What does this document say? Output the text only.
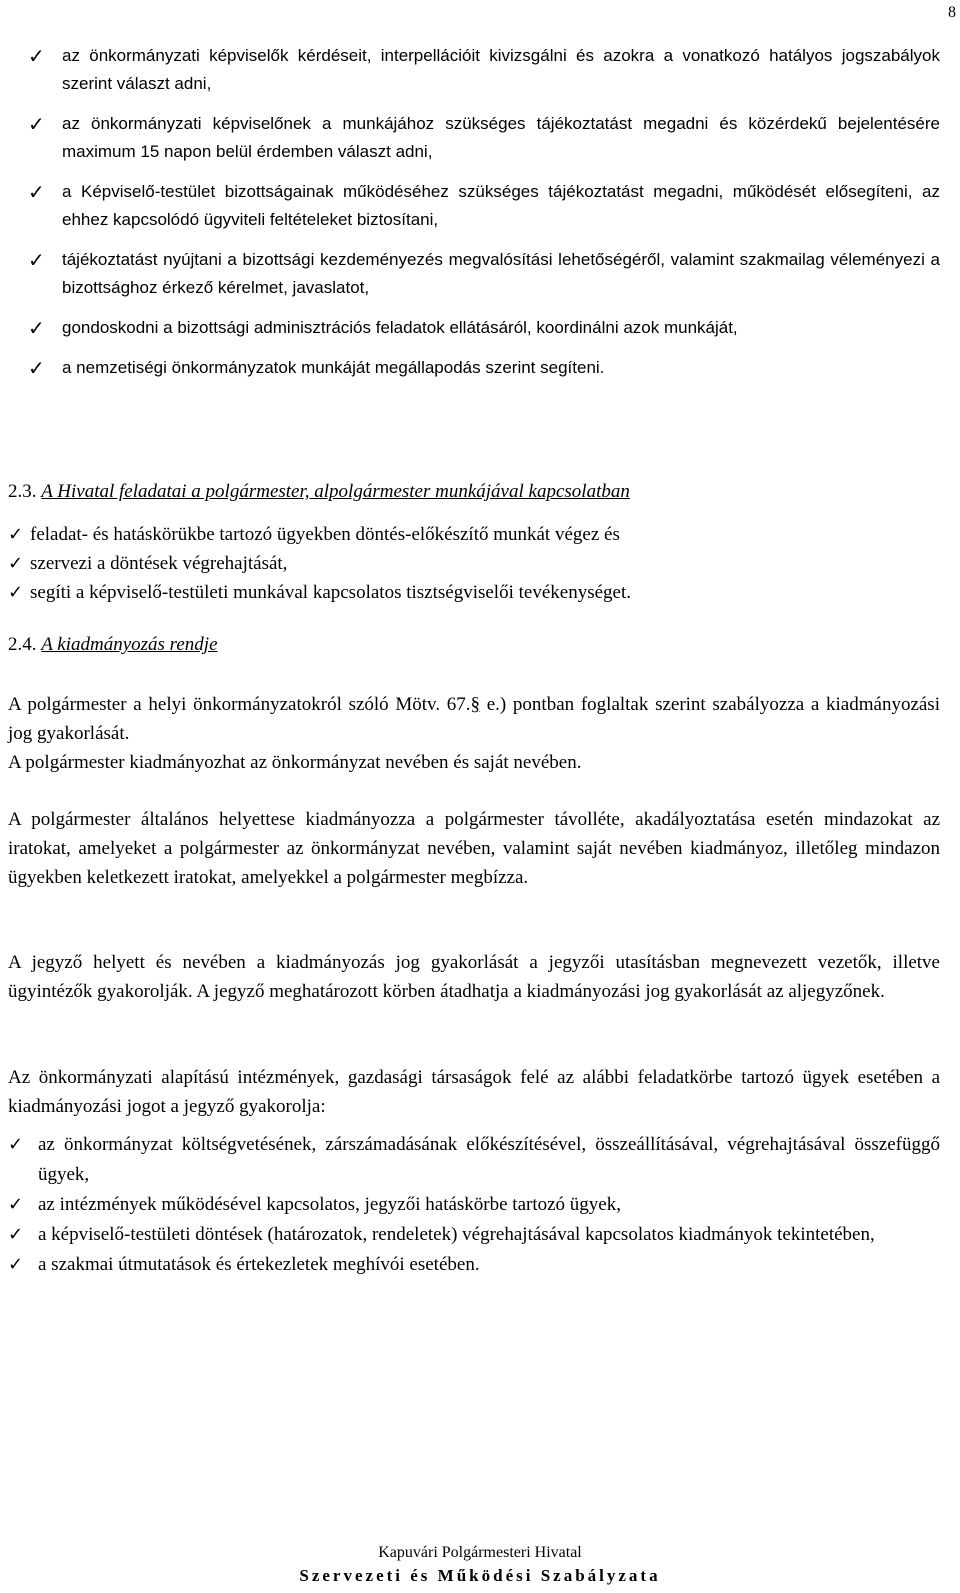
8
✓ az önkormányzati képviselők kérdéseit, interpellációit kivizsgálni és azokra a vonatkozó hatályos jogszabályok szerint választ adni,
✓ az önkormányzati képviselőnek a munkájához szükséges tájékoztatást megadni és közérdekű bejelentésére maximum 15 napon belül érdemben választ adni,
✓ a Képviselő-testület bizottságainak működéséhez szükséges tájékoztatást megadni, működését elősegíteni, az ehhez kapcsolódó ügyviteli feltételeket biztosítani,
✓ tájékoztatást nyújtani a bizottsági kezdeményezés megvalósítási lehetőségéről, valamint szakmailag véleményezi a bizottsághoz érkező kérelmet, javaslatot,
✓ gondoskodni a bizottsági adminisztrációs feladatok ellátásáról, koordinálni azok munkáját,
✓ a nemzetiségi önkormányzatok munkáját megállapodás szerint segíteni.
2.3. A Hivatal feladatai a polgármester, alpolgármester munkájával kapcsolatban
✓ feladat- és hatáskörükbe tartozó ügyekben döntés-előkészítő munkát végez és
✓ szervezi a döntések végrehajtását,
✓ segíti a képviselő-testületi munkával kapcsolatos tisztségviselői tevékenységet.
2.4. A kiadmányozás rendje

A polgármester a helyi önkormányzatokról szóló Mötv. 67.§ e.) pontban foglaltak szerint szabályozza a kiadmányozási jog gyakorlását.

A polgármester kiadmányozhat az önkormányzat nevében és saját nevében.

A polgármester általános helyettese kiadmányozza a polgármester távolléte, akadályoztatása esetén mindazokat az iratokat, amelyeket a polgármester az önkormányzat nevében, valamint saját nevében kiadmányoz, illetőleg mindazon ügyekben keletkezett iratokat, amelyekkel a polgármester megbízza.

A jegyző helyett és nevében a kiadmányozás jog gyakorlását a jegyzői utasításban megnevezett vezetők, illetve ügyintézők gyakorolják. A jegyző meghatározott körben átadhatja a kiadmányozási jog gyakorlását az aljegyzőnek.

Az önkormányzati alapítású intézmények, gazdasági társaságok felé az alábbi feladatkörbe tartozó ügyek esetében a kiadmányozási jogot a jegyző gyakorolja:

✓ az önkormányzat költségvetésének, zárszámadásának előkészítésével, összeállításával, végrehajtásával összefüggő ügyek,
✓ az intézmények működésével kapcsolatos, jegyzői hatáskörbe tartozó ügyek,
✓ a képviselő-testületi döntések (határozatok, rendeletek) végrehajtásával kapcsolatos kiadmányok tekintetében,
✓ a szakmai útmutatások és értekezletek meghívói esetében.
Kapuvári Polgármesteri Hivatal
Szervezeti és Működési Szabályzata
